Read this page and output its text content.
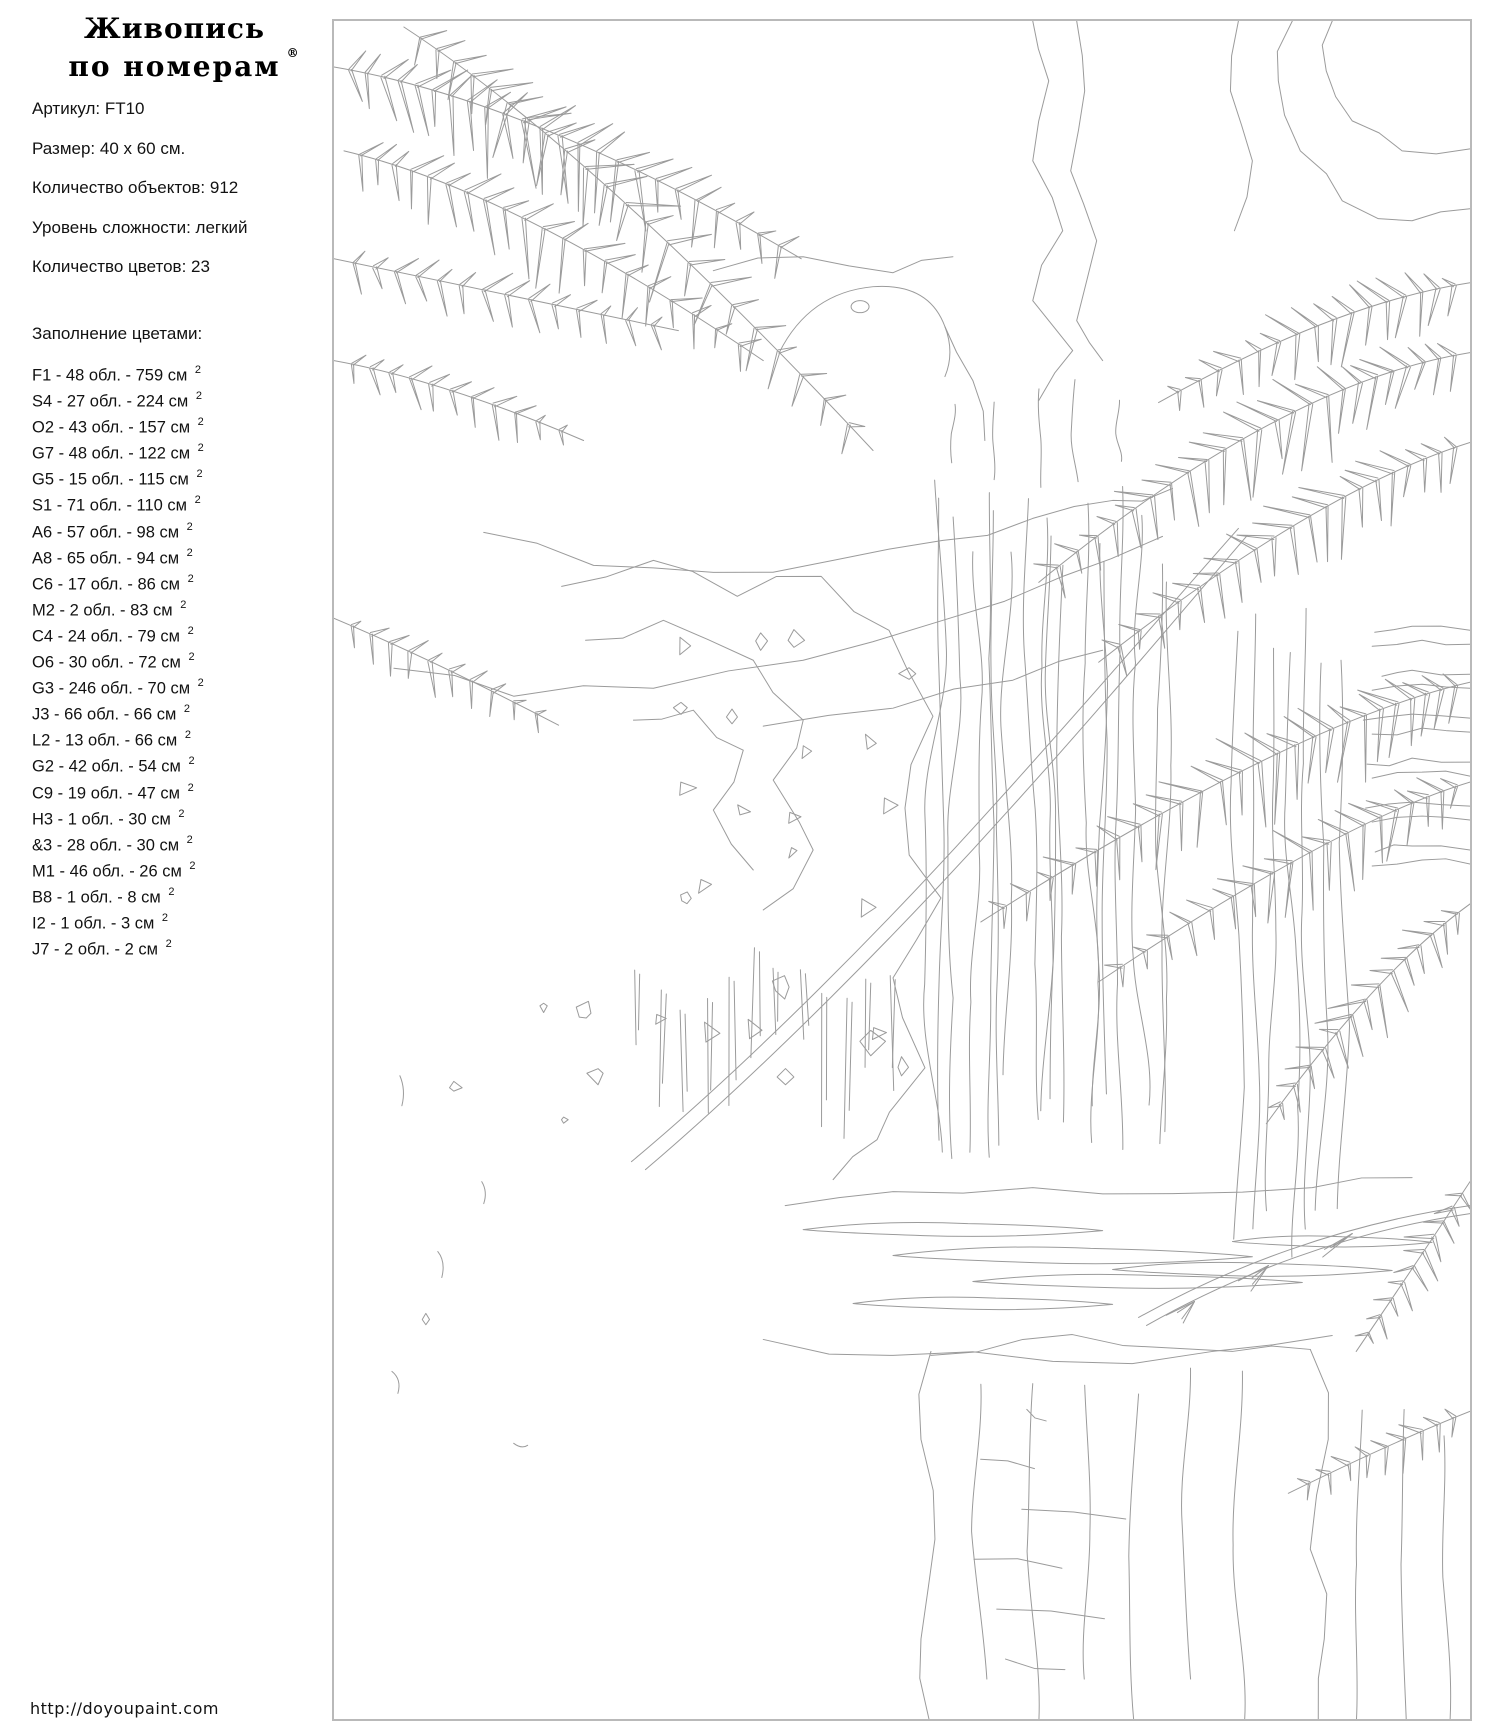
Живопись
по номерам ®
Артикул: FT10
Размер: 40 x 60 см.
Количество объектов: 912
Уровень сложности: легкий
Количество цветов: 23
Заполнение цветами:
F1 - 48 обл. - 759 см $^2$
S4 - 27 обл. - 224 см $^2$
O2 - 43 обл. - 157 см $^2$
G7 - 48 обл. - 122 см $^2$
G5 - 15 обл. - 115 см $^2$
S1 - 71 обл. - 110 см $^2$
A6 - 57 обл. - 98 см $^2$
A8 - 65 обл. - 94 см $^2$
C6 - 17 обл. - 86 см $^2$
M2 - 2 обл. - 83 см $^2$
C4 - 24 обл. - 79 см $^2$
O6 - 30 обл. - 72 см $^2$
G3 - 246 обл. - 70 см $^2$
J3 - 66 обл. - 66 см $^2$
L2 - 13 обл. - 66 см $^2$
G2 - 42 обл. - 54 см $^2$
C9 - 19 обл. - 47 см $^2$
H3 - 1 обл. - 30 см $^2$
&3 - 28 обл. - 30 см $^2$
M1 - 46 обл. - 26 см $^2$
B8 - 1 обл. - 8 см $^2$
I2 - 1 обл. - 3 см $^2$
J7 - 2 обл. - 2 см $^2$
http://doyoupaint.com
